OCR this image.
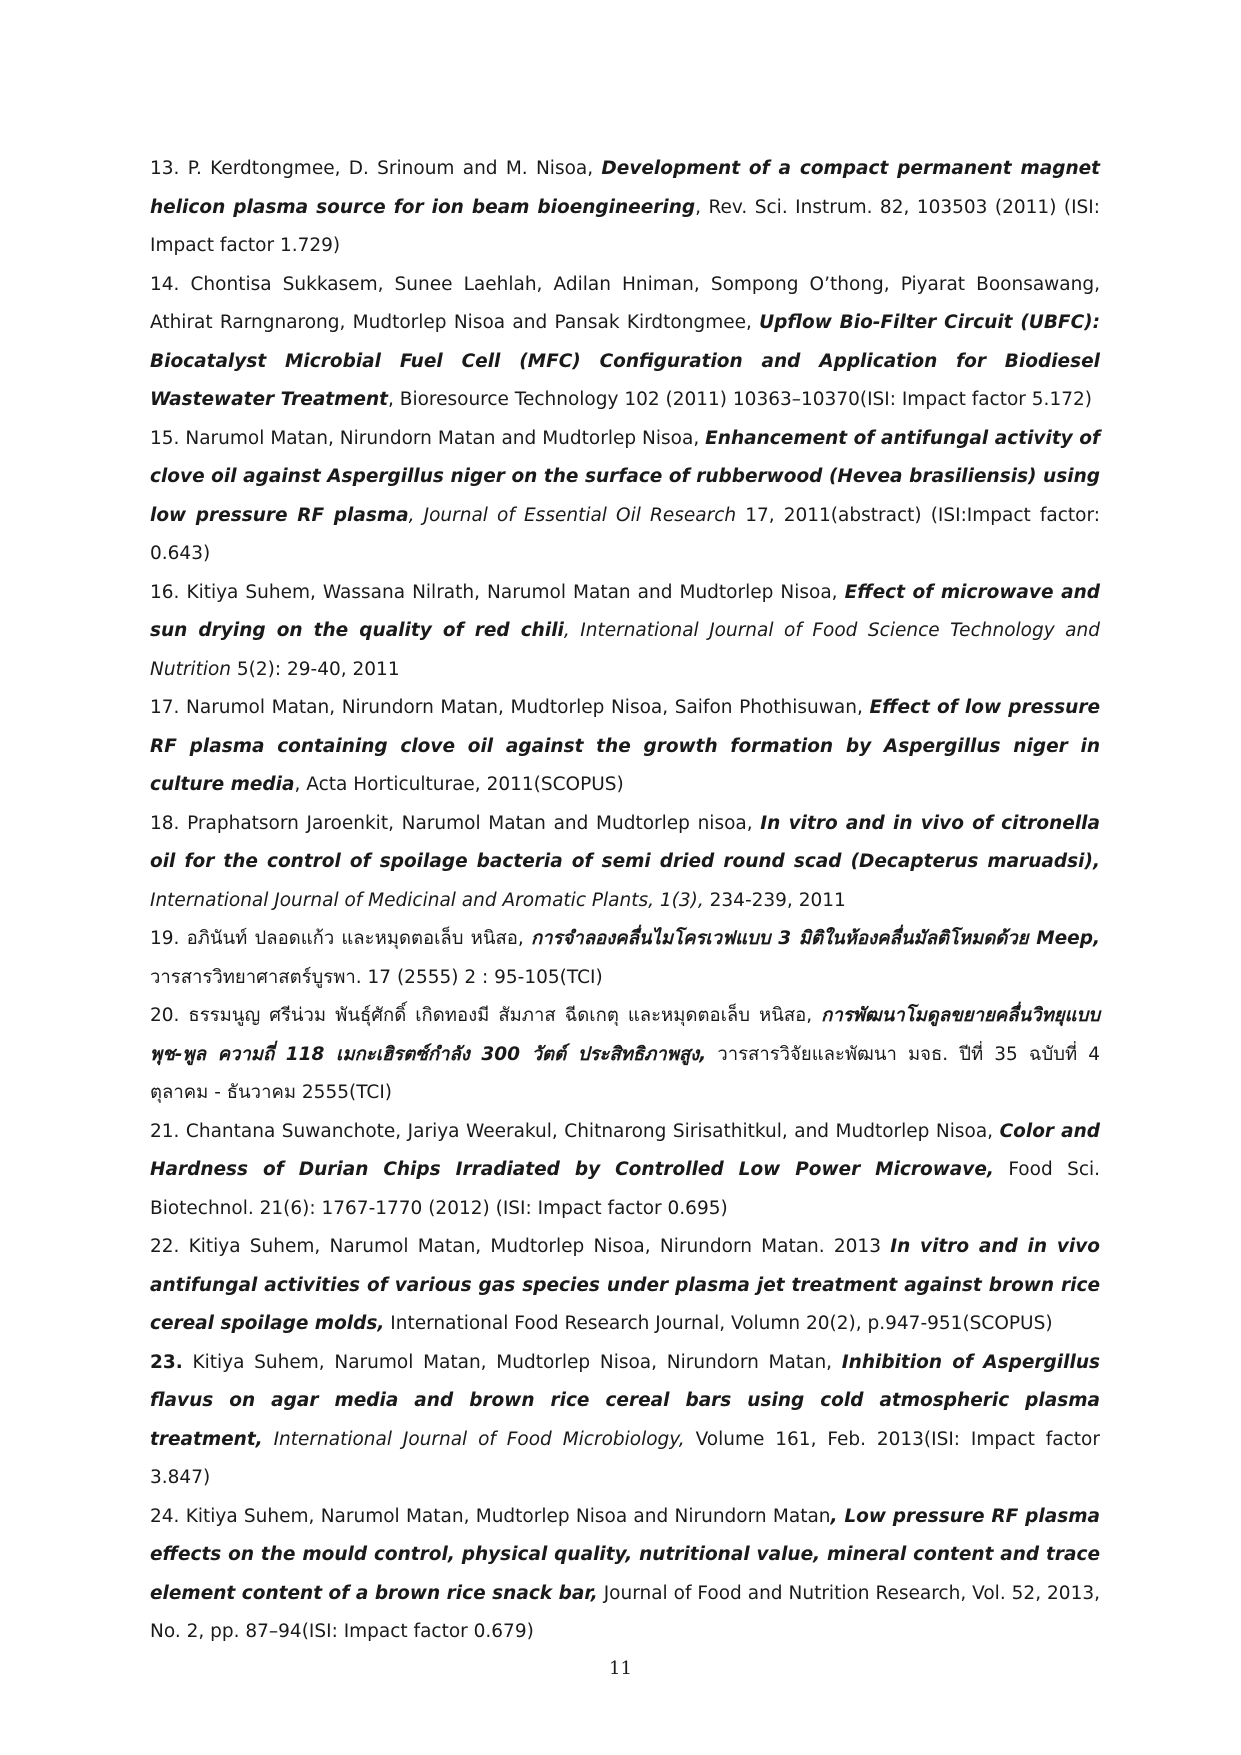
13. P. Kerdtongmee, D. Srinoum and M. Nisoa, Development of a compact permanent magnet helicon plasma source for ion beam bioengineering, Rev. Sci. Instrum. 82, 103503 (2011) (ISI: Impact factor 1.729)

14. Chontisa Sukkasem, Sunee Laehlah, Adilan Hniman, Sompong O’thong, Piyarat Boonsawang, Athirat Rarngnarong, Mudtorlep Nisoa and Pansak Kirdtongmee, Upflow Bio-Filter Circuit (UBFC): Biocatalyst Microbial Fuel Cell (MFC) Configuration and Application for Biodiesel Wastewater Treatment, Bioresource Technology 102 (2011) 10363–10370(ISI: Impact factor 5.172)

15. Narumol Matan, Nirundorn Matan and Mudtorlep Nisoa, Enhancement of antifungal activity of clove oil against Aspergillus niger on the surface of rubberwood (Hevea brasiliensis) using low pressure RF plasma, Journal of Essential Oil Research 17, 2011(abstract) (ISI:Impact factor: 0.643)

16. Kitiya Suhem, Wassana Nilrath, Narumol Matan and Mudtorlep Nisoa, Effect of microwave and sun drying on the quality of red chili, International Journal of Food Science Technology and Nutrition 5(2): 29-40, 2011

17. Narumol Matan, Nirundorn Matan, Mudtorlep Nisoa, Saifon Phothisuwan, Effect of low pressure RF plasma containing clove oil against the growth formation by Aspergillus niger in culture media, Acta Horticulturae, 2011(SCOPUS)

18. Praphatsorn Jaroenkit, Narumol Matan and Mudtorlep nisoa, In vitro and in vivo of citronella oil for the control of spoilage bacteria of semi dried round scad (Decapterus maruadsi), International Journal of Medicinal and Aromatic Plants, 1(3), 234-239, 2011

19. อภินันท์ ปลอดแก้ว และหมุดตอเล็บ หนิสอ, การจำลองคลื่นไมโครเวฟแบบ 3 มิติในห้องคลื่นมัลติโหมดด้วย Meep, วารสารวิทยาศาสตร์บูรพา. 17 (2555) 2 : 95-105(TCI)

20. ธรรมนูญ ศรีน่วม พันธุ์ศักดิ์ เกิดทองมี สัมภาส ฉีดเกตุ และหมุดตอเล็บ หนิสอ, การพัฒนาโมดูลขยายคลื่นวิทยุแบบพุช-พูล ความถี่ 118 เมกะเฮิรตซ์กำลัง 300 วัตต์ ประสิทธิภาพสูง, วารสารวิจัยและพัฒนา มจธ. ปีที่ 35 ฉบับที่ 4 ตุลาคม - ธันวาคม 2555(TCI)

21. Chantana Suwanchote, Jariya Weerakul, Chitnarong Sirisathitkul, and Mudtorlep Nisoa, Color and Hardness of Durian Chips Irradiated by Controlled Low Power Microwave, Food Sci. Biotechnol. 21(6): 1767-1770 (2012) (ISI: Impact factor 0.695)

22. Kitiya Suhem, Narumol Matan, Mudtorlep Nisoa, Nirundorn Matan. 2013 In vitro and in vivo antifungal activities of various gas species under plasma jet treatment against brown rice cereal spoilage molds, International Food Research Journal, Volumn 20(2), p.947-951(SCOPUS)

23. Kitiya Suhem, Narumol Matan, Mudtorlep Nisoa, Nirundorn Matan, Inhibition of Aspergillus flavus on agar media and brown rice cereal bars using cold atmospheric plasma treatment, International Journal of Food Microbiology, Volume 161, Feb. 2013(ISI: Impact factor 3.847)

24. Kitiya Suhem, Narumol Matan, Mudtorlep Nisoa and Nirundorn Matan, Low pressure RF plasma effects on the mould control, physical quality, nutritional value, mineral content and trace element content of a brown rice snack bar, Journal of Food and Nutrition Research, Vol. 52, 2013, No. 2, pp. 87–94(ISI: Impact factor 0.679)

11
